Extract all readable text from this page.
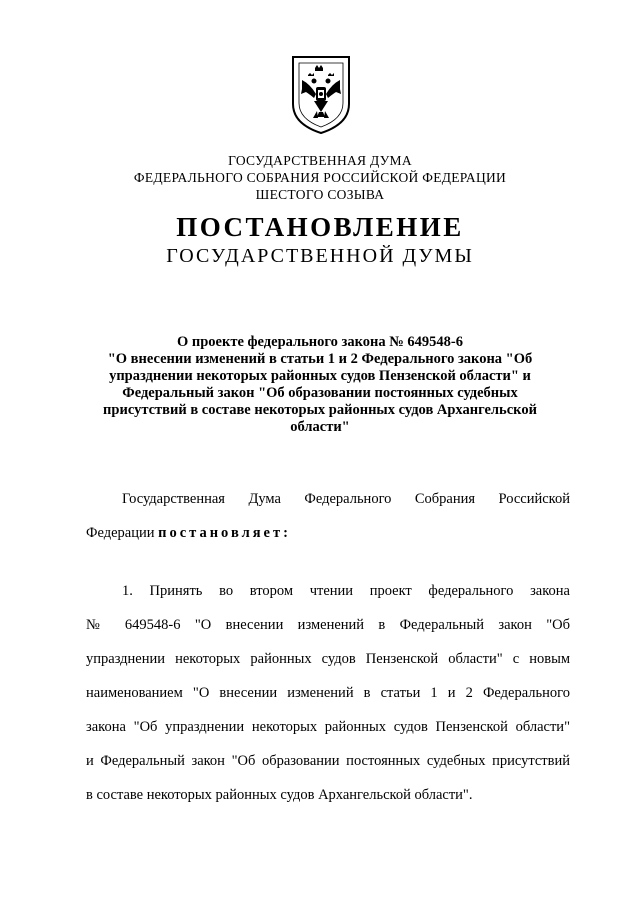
ГОСУДАРСТВЕННАЯ ДУМА
ФЕДЕРАЛЬНОГО СОБРАНИЯ РОССИЙСКОЙ ФЕДЕРАЦИИ
ШЕСТОГО СОЗЫВА
ПОСТАНОВЛЕНИЕ
ГОСУДАРСТВЕННОЙ ДУМЫ
О проекте федерального закона № 649548-6
"О внесении изменений в статьи 1 и 2 Федерального закона "Об
упразднении некоторых районных судов Пензенской области" и
Федеральный закон "Об образовании постоянных судебных
присутствий в составе некоторых районных судов Архангельской
области"
Государственная Дума Федерального Собрания Российской
Федерации постановляет:
1. Принять во втором чтении проект федерального закона
№ 649548-6 "О внесении изменений в Федеральный закон "Об
упразднении некоторых районных судов Пензенской области" с новым
наименованием "О внесении изменений в статьи 1 и 2 Федерального
закона "Об упразднении некоторых районных судов Пензенской области"
и Федеральный закон "Об образовании постоянных судебных присутствий
в составе некоторых районных судов Архангельской области".
